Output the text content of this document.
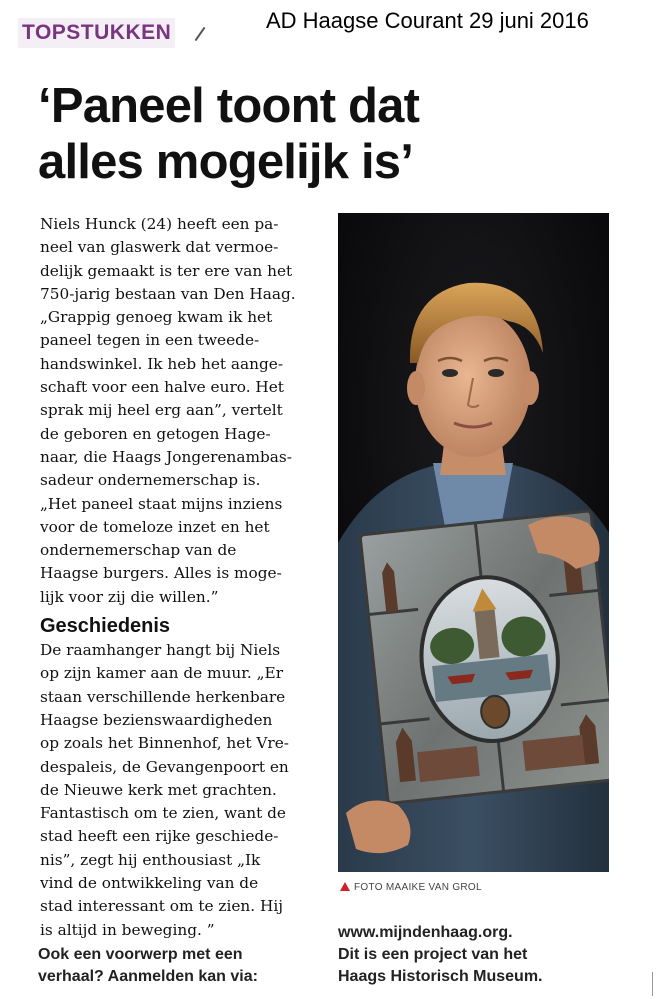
TOPSTUKKEN	AD Haagse Courant 29 juni 2016
‘Paneel toont dat
alles mogelijk is’
Niels Hunck (24) heeft een pa-
neel van glaswerk dat vermoe-
delijk gemaakt is ter ere van het
750-jarig bestaan van Den Haag.
„Grappig genoeg kwam ik het
paneel tegen in een tweede-
handswinkel. Ik heb het aange-
schaft voor een halve euro. Het
sprak mij heel erg aan”, vertelt
de geboren en getogen Hage-
naar, die Haags Jongerenambas-
sadeur ondernemerschap is.
„Het paneel staat mijns inziens
voor de tomeloze inzet en het
ondernemerschap van de
Haagse burgers. Alles is moge-
lijk voor zij die willen.”
Geschiedenis
De raamhanger hangt bij Niels
op zijn kamer aan de muur. „Er
staan verschillende herkenbare
Haagse bezienswaardigheden
op zoals het Binnenhof, het Vre-
despaleis, de Gevangenpoort en
de Nieuwe kerk met grachten.
Fantastisch om te zien, want de
stad heeft een rijke geschiede-
nis”, zegt hij enthousiast „Ik
vind de ontwikkeling van de
stad interessant om te zien. Hij
is altijd in beweging. ”
FOTO MAAIKE VAN GROL
Ook een voorwerp met een
verhaal? Aanmelden kan via:
www.mijndenhaag.org.
Dit is een project van het
Haags Historisch Museum.
